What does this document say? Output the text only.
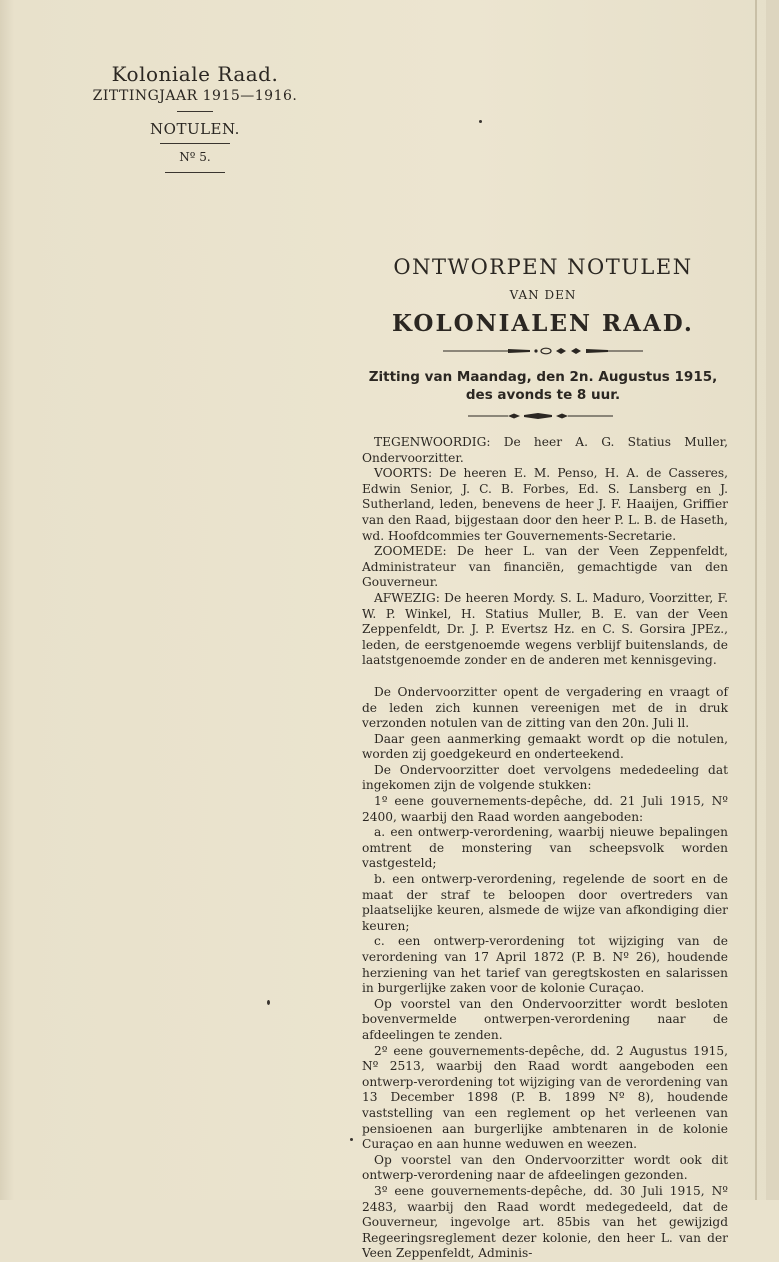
Koloniale Raad.
ZITTINGJAAR 1915—1916.
NOTULEN.
Nº 5.
ONTWORPEN NOTULEN
VAN DEN
KOLONIALEN RAAD.
Zitting van Maandag, den 2n. Augustus 1915,
des avonds te 8 uur.

TEGENWOORDIG: De heer A. G. Statius Muller, Ondervoorzitter.

VOORTS: De heeren E. M. Penso, H. A. de Casseres, Edwin Senior, J. C. B. Forbes, Ed. S. Lansberg en J. Sutherland, leden, benevens de heer J. F. Haaijen, Griffier van den Raad, bijgestaan door den heer P. L. B. de Haseth, wd. Hoofdcommies ter Gouvernements-Secretarie.

ZOOMEDE: De heer L. van der Veen Zeppenfeldt, Administrateur van financiën, gemachtigde van den Gouverneur.

AFWEZIG: De heeren Mordy. S. L. Maduro, Voorzitter, F. W. P. Winkel, H. Statius Muller, B. E. van der Veen Zeppenfeldt, Dr. J. P. Evertsz Hz. en C. S. Gorsira JPEz., leden, de eerstgenoemde wegens verblijf buitenslands, de laatstgenoemde zonder en de anderen met kennisgeving.

De Ondervoorzitter opent de vergadering en vraagt of de leden zich kunnen vereenigen met de in druk verzonden notulen van de zitting van den 20n. Juli ll.

Daar geen aanmerking gemaakt wordt op die notulen, worden zij goedgekeurd en onderteekend.

De Ondervoorzitter doet vervolgens mededeeling dat ingekomen zijn de volgende stukken:

1º eene gouvernements-depêche, dd. 21 Juli 1915, Nº 2400, waarbij den Raad worden aangeboden:

a. een ontwerp-verordening, waarbij nieuwe bepalingen omtrent de monstering van scheepsvolk worden vastgesteld;

b. een ontwerp-verordening, regelende de soort en de maat der straf te beloopen door overtreders van plaatselijke keuren, alsmede de wijze van afkondiging dier keuren;

c. een ontwerp-verordening tot wijziging van de verordening van 17 April 1872 (P. B. Nº 26), houdende herziening van het tarief van geregtskosten en salarissen in burgerlijke zaken voor de kolonie Curaçao.

Op voorstel van den Ondervoorzitter wordt besloten bovenvermelde ontwerpen-verordening naar de afdeelingen te zenden.

2º eene gouvernements-depêche, dd. 2 Augustus 1915, Nº 2513, waarbij den Raad wordt aangeboden een ontwerp-verordening tot wijziging van de verordening van 13 December 1898 (P. B. 1899 Nº 8), houdende vaststelling van een reglement op het verleenen van pensioenen aan burgerlijke ambtenaren in de kolonie Curaçao en aan hunne weduwen en weezen.

Op voorstel van den Ondervoorzitter wordt ook dit ontwerp-verordening naar de afdeelingen gezonden.

3º eene gouvernements-depêche, dd. 30 Juli 1915, Nº 2483, waarbij den Raad wordt medegedeeld, dat de Gouverneur, ingevolge art. 85bis van het gewijzigd Regeeringsreglement dezer kolonie, den heer L. van der Veen Zeppenfeldt, Adminis-
